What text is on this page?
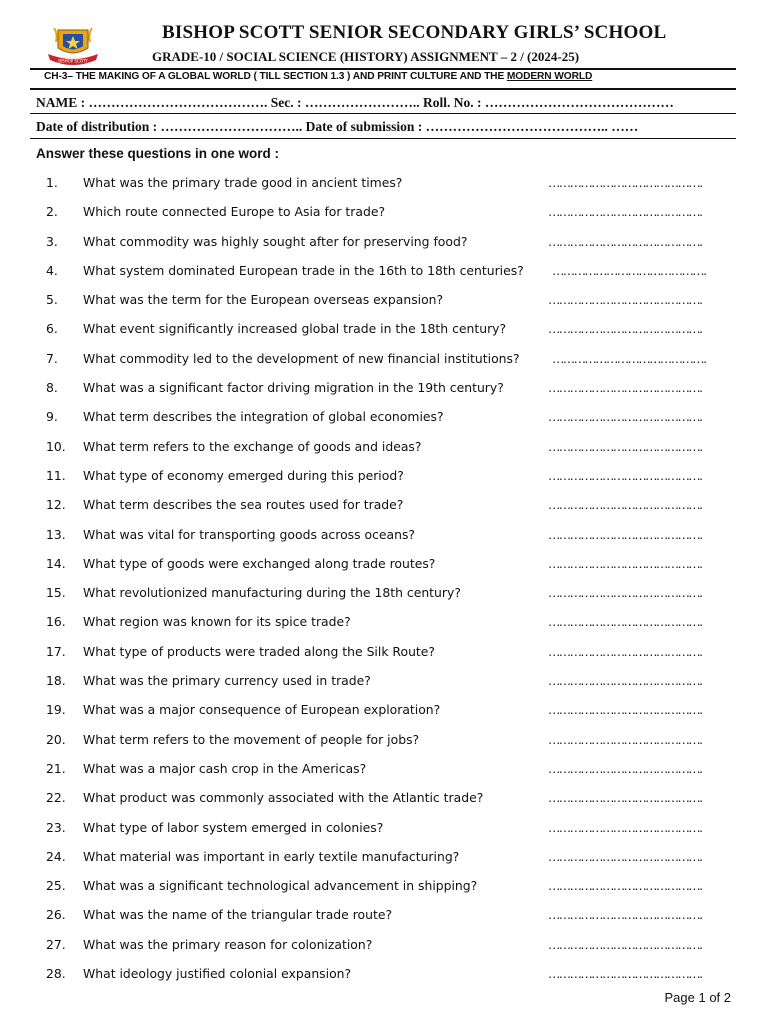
BISHOP SCOTT
BISHOP SCOTT SENIOR SECONDARY GIRLS’ SCHOOL
GRADE-10 / SOCIAL SCIENCE (HISTORY) ASSIGNMENT – 2 / (2024-25)
CH-3– THE MAKING OF A GLOBAL WORLD ( TILL SECTION 1.3 ) AND PRINT CULTURE AND THE MODERN WORLD
NAME : …………………………………. Sec. : …………………….. Roll. No. : ……………………………………
Date of distribution : ………………………….. Date of submission : ………………………………….. ……
Answer these questions in one word :
1. What was the primary trade good in ancient times?	…………………………………….
2. Which route connected Europe to Asia for trade?	…………………………………….
3. What commodity was highly sought after for preserving food?	…………………………………….
4. What system dominated European trade in the 16th to 18th centuries? …………………………………….
5. What was the term for the European overseas expansion?	…………………………………….
6. What event significantly increased global trade in the 18th century?	…………………………………….
7. What commodity led to the development of new financial institutions?	…………………………………….
8. What was a significant factor driving migration in the 19th century?	…………………………………….
9. What term describes the integration of global economies?	…………………………………….
10. What term refers to the exchange of goods and ideas?	…………………………………….
11. What type of economy emerged during this period?	…………………………………….
12. What term describes the sea routes used for trade?	…………………………………….
13. What was vital for transporting goods across oceans?	…………………………………….
14. What type of goods were exchanged along trade routes?	…………………………………….
15. What revolutionized manufacturing during the 18th century?	…………………………………….
16. What region was known for its spice trade?	…………………………………….
17. What type of products were traded along the Silk Route?	…………………………………….
18. What was the primary currency used in trade?	…………………………………….
19. What was a major consequence of European exploration?	…………………………………….
20. What term refers to the movement of people for jobs?	…………………………………….
21. What was a major cash crop in the Americas?	…………………………………….
22. What product was commonly associated with the Atlantic trade?	…………………………………….
23. What type of labor system emerged in colonies?	…………………………………….
24. What material was important in early textile manufacturing?	…………………………………….
25. What was a significant technological advancement in shipping?	…………………………………….
26. What was the name of the triangular trade route?	…………………………………….
27. What was the primary reason for colonization?	…………………………………….
28. What ideology justified colonial expansion?	…………………………………….
Page 1 of 2
